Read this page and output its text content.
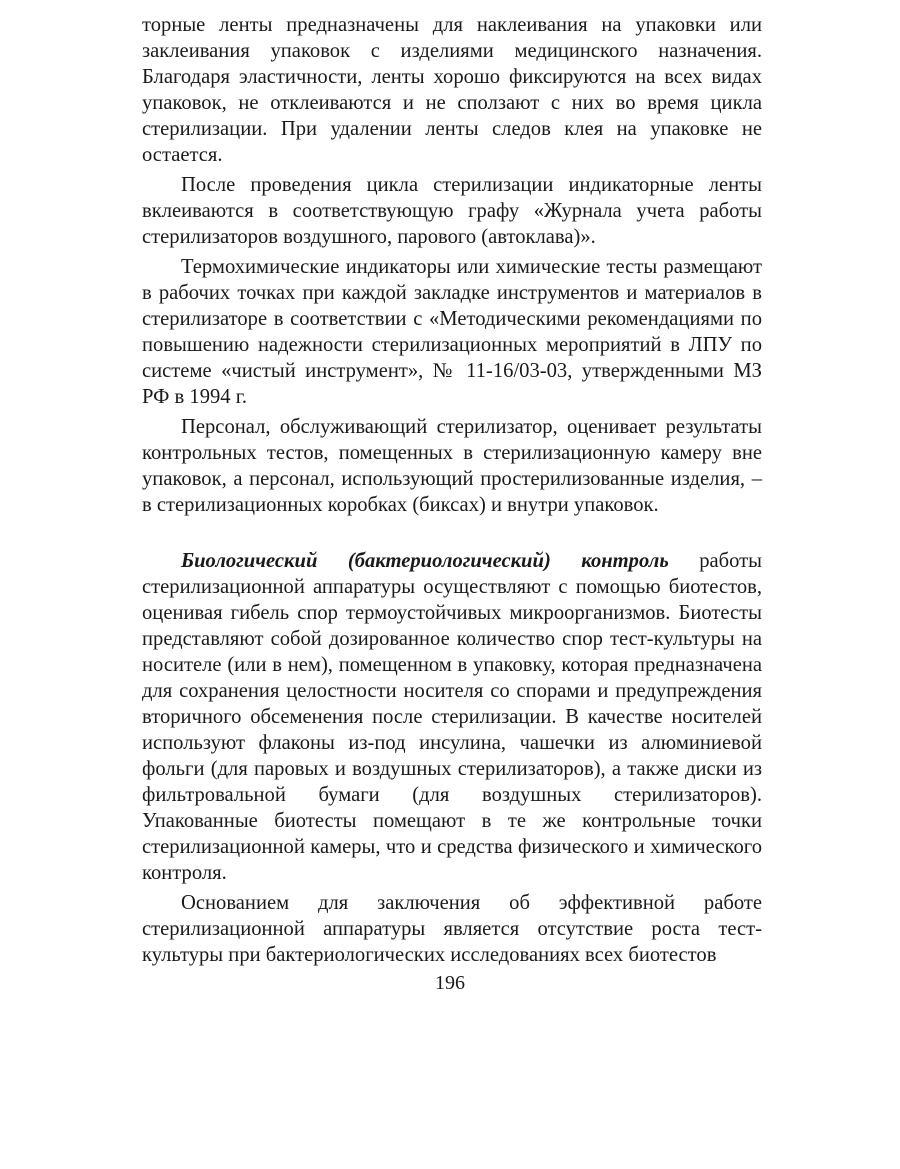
торные ленты предназначены для наклеивания на упаковки или заклеивания упаковок с изделиями медицинского назначения. Благодаря эластичности, ленты хорошо фиксируются на всех видах упаковок, не отклеиваются и не сползают с них во время цикла стерилизации. При удалении ленты следов клея на упаковке не остается.

После проведения цикла стерилизации индикаторные ленты вклеиваются в соответствующую графу «Журнала учета работы стерилизаторов воздушного, парового (автоклава)».

Термохимические индикаторы или химические тесты размещают в рабочих точках при каждой закладке инструментов и материалов в стерилизаторе в соответствии с «Методическими рекомендациями по повышению надежности стерилизационных мероприятий в ЛПУ по системе «чистый инструмент», № 11-16/03-03, утвержденными МЗ РФ в 1994 г.

Персонал, обслуживающий стерилизатор, оценивает результаты контрольных тестов, помещенных в стерилизационную камеру вне упаковок, а персонал, использующий простерилизованные изделия, – в стерилизационных коробках (биксах) и внутри упаковок.

Биологический (бактериологический) контроль работы стерилизационной аппаратуры осуществляют с помощью биотестов, оценивая гибель спор термоустойчивых микроорганизмов. Биотесты представляют собой дозированное количество спор тест-культуры на носителе (или в нем), помещенном в упаковку, которая предназначена для сохранения целостности носителя со спорами и предупреждения вторичного обсеменения после стерилизации. В качестве носителей используют флаконы из-под инсулина, чашечки из алюминиевой фольги (для паровых и воздушных стерилизаторов), а также диски из фильтровальной бумаги (для воздушных стерилизаторов). Упакованные биотесты помещают в те же контрольные точки стерилизационной камеры, что и средства физического и химического контроля.

Основанием для заключения об эффективной работе стерилизационной аппаратуры является отсутствие роста тест-культуры при бактериологических исследованиях всех биотестов

196
